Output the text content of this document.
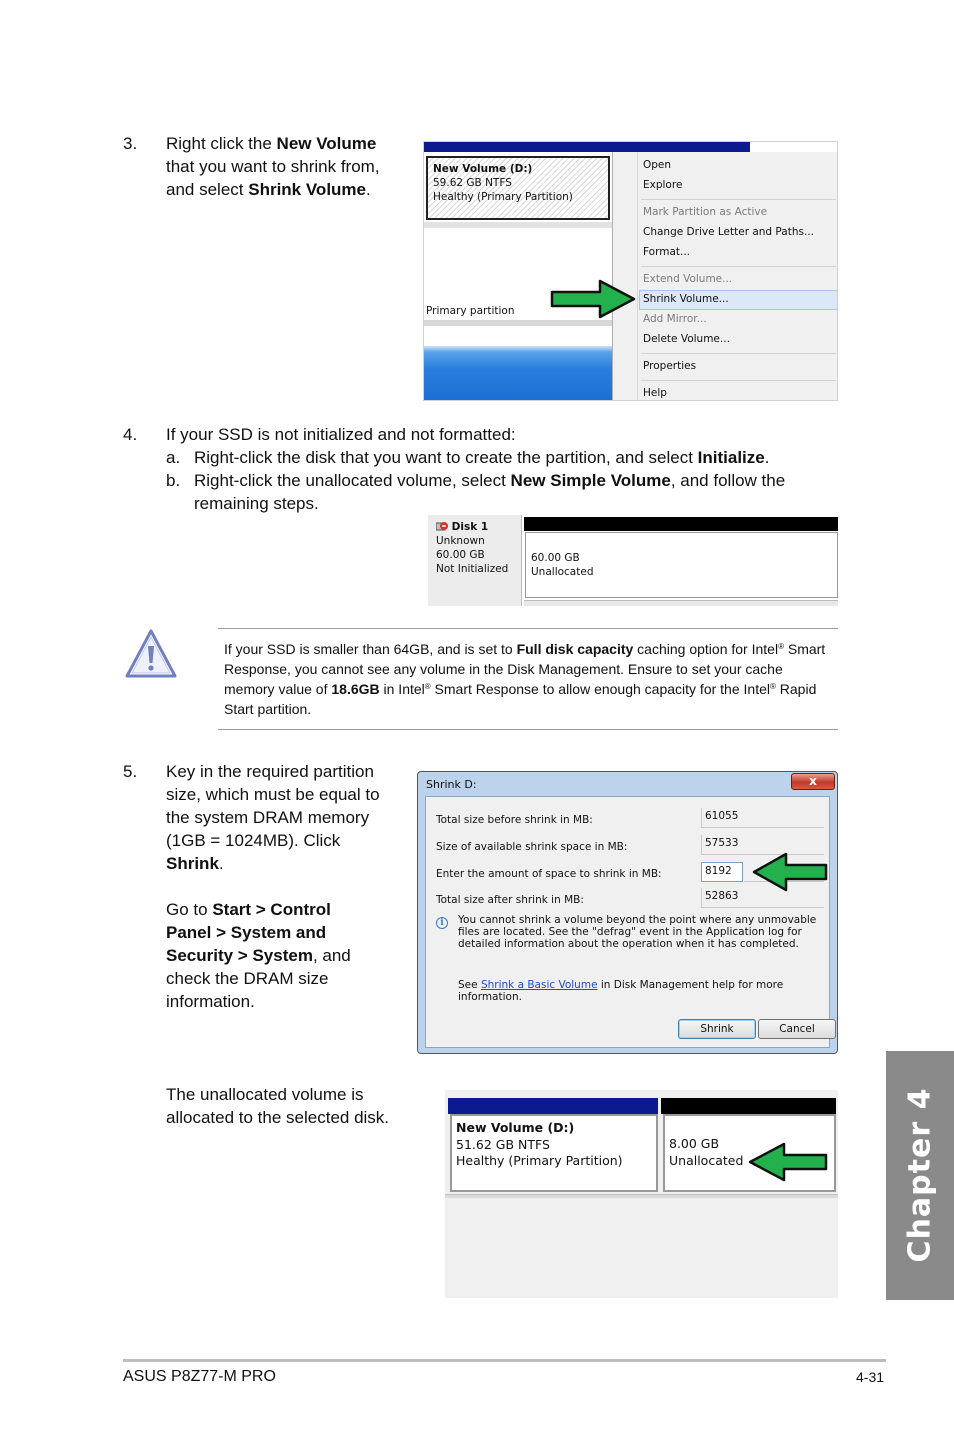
3. Right click the New Volume
that you want to shrink from,
and select Shrink Volume.
New Volume (D:)
59.62 GB NTFS
Healthy (Primary Partition)
Primary partition
Open
Explore
Mark Partition as Active
Change Drive Letter and Paths...
Format...
Extend Volume...
Shrink Volume...
Add Mirror...
Delete Volume...
Properties
Help
4. If your SSD is not initialized and not formatted:
a. Right-click the disk that you want to create the partition, and select Initialize.
b. Right-click the unallocated volume, select New Simple Volume, and follow the
remaining steps.
Disk 1
Unknown
60.00 GB
Not Initialized
60.00 GB
Unallocated
If your SSD is smaller than 64GB, and is set to Full disk capacity caching option for Intel® Smart Response, you cannot see any volume in the Disk Management. Ensure to set your cache memory value of 18.6GB in Intel® Smart Response to allow enough capacity for the Intel® Rapid Start partition.
5. Key in the required partition
size, which must be equal to
the system DRAM memory
(1GB = 1024MB). Click
Shrink.
Go to Start > Control
Panel > System and
Security > System, and
check the DRAM size
information.
Shrink D:	x
Total size before shrink in MB:	61055
Size of available shrink space in MB:	57533
Enter the amount of space to shrink in MB:	8192
Total size after shrink in MB:	52863
i	You cannot shrink a volume beyond the point where any unmovable files are located. See the "defrag" event in the Application log for detailed information about the operation when it has completed.
See Shrink a Basic Volume in Disk Management help for more information.
Shrink	Cancel
The unallocated volume is
allocated to the selected disk.
New Volume (D:)
51.62 GB NTFS
Healthy (Primary Partition)
8.00 GB
Unallocated	Chapter 4
ASUS P8Z77-M PRO	4-31
